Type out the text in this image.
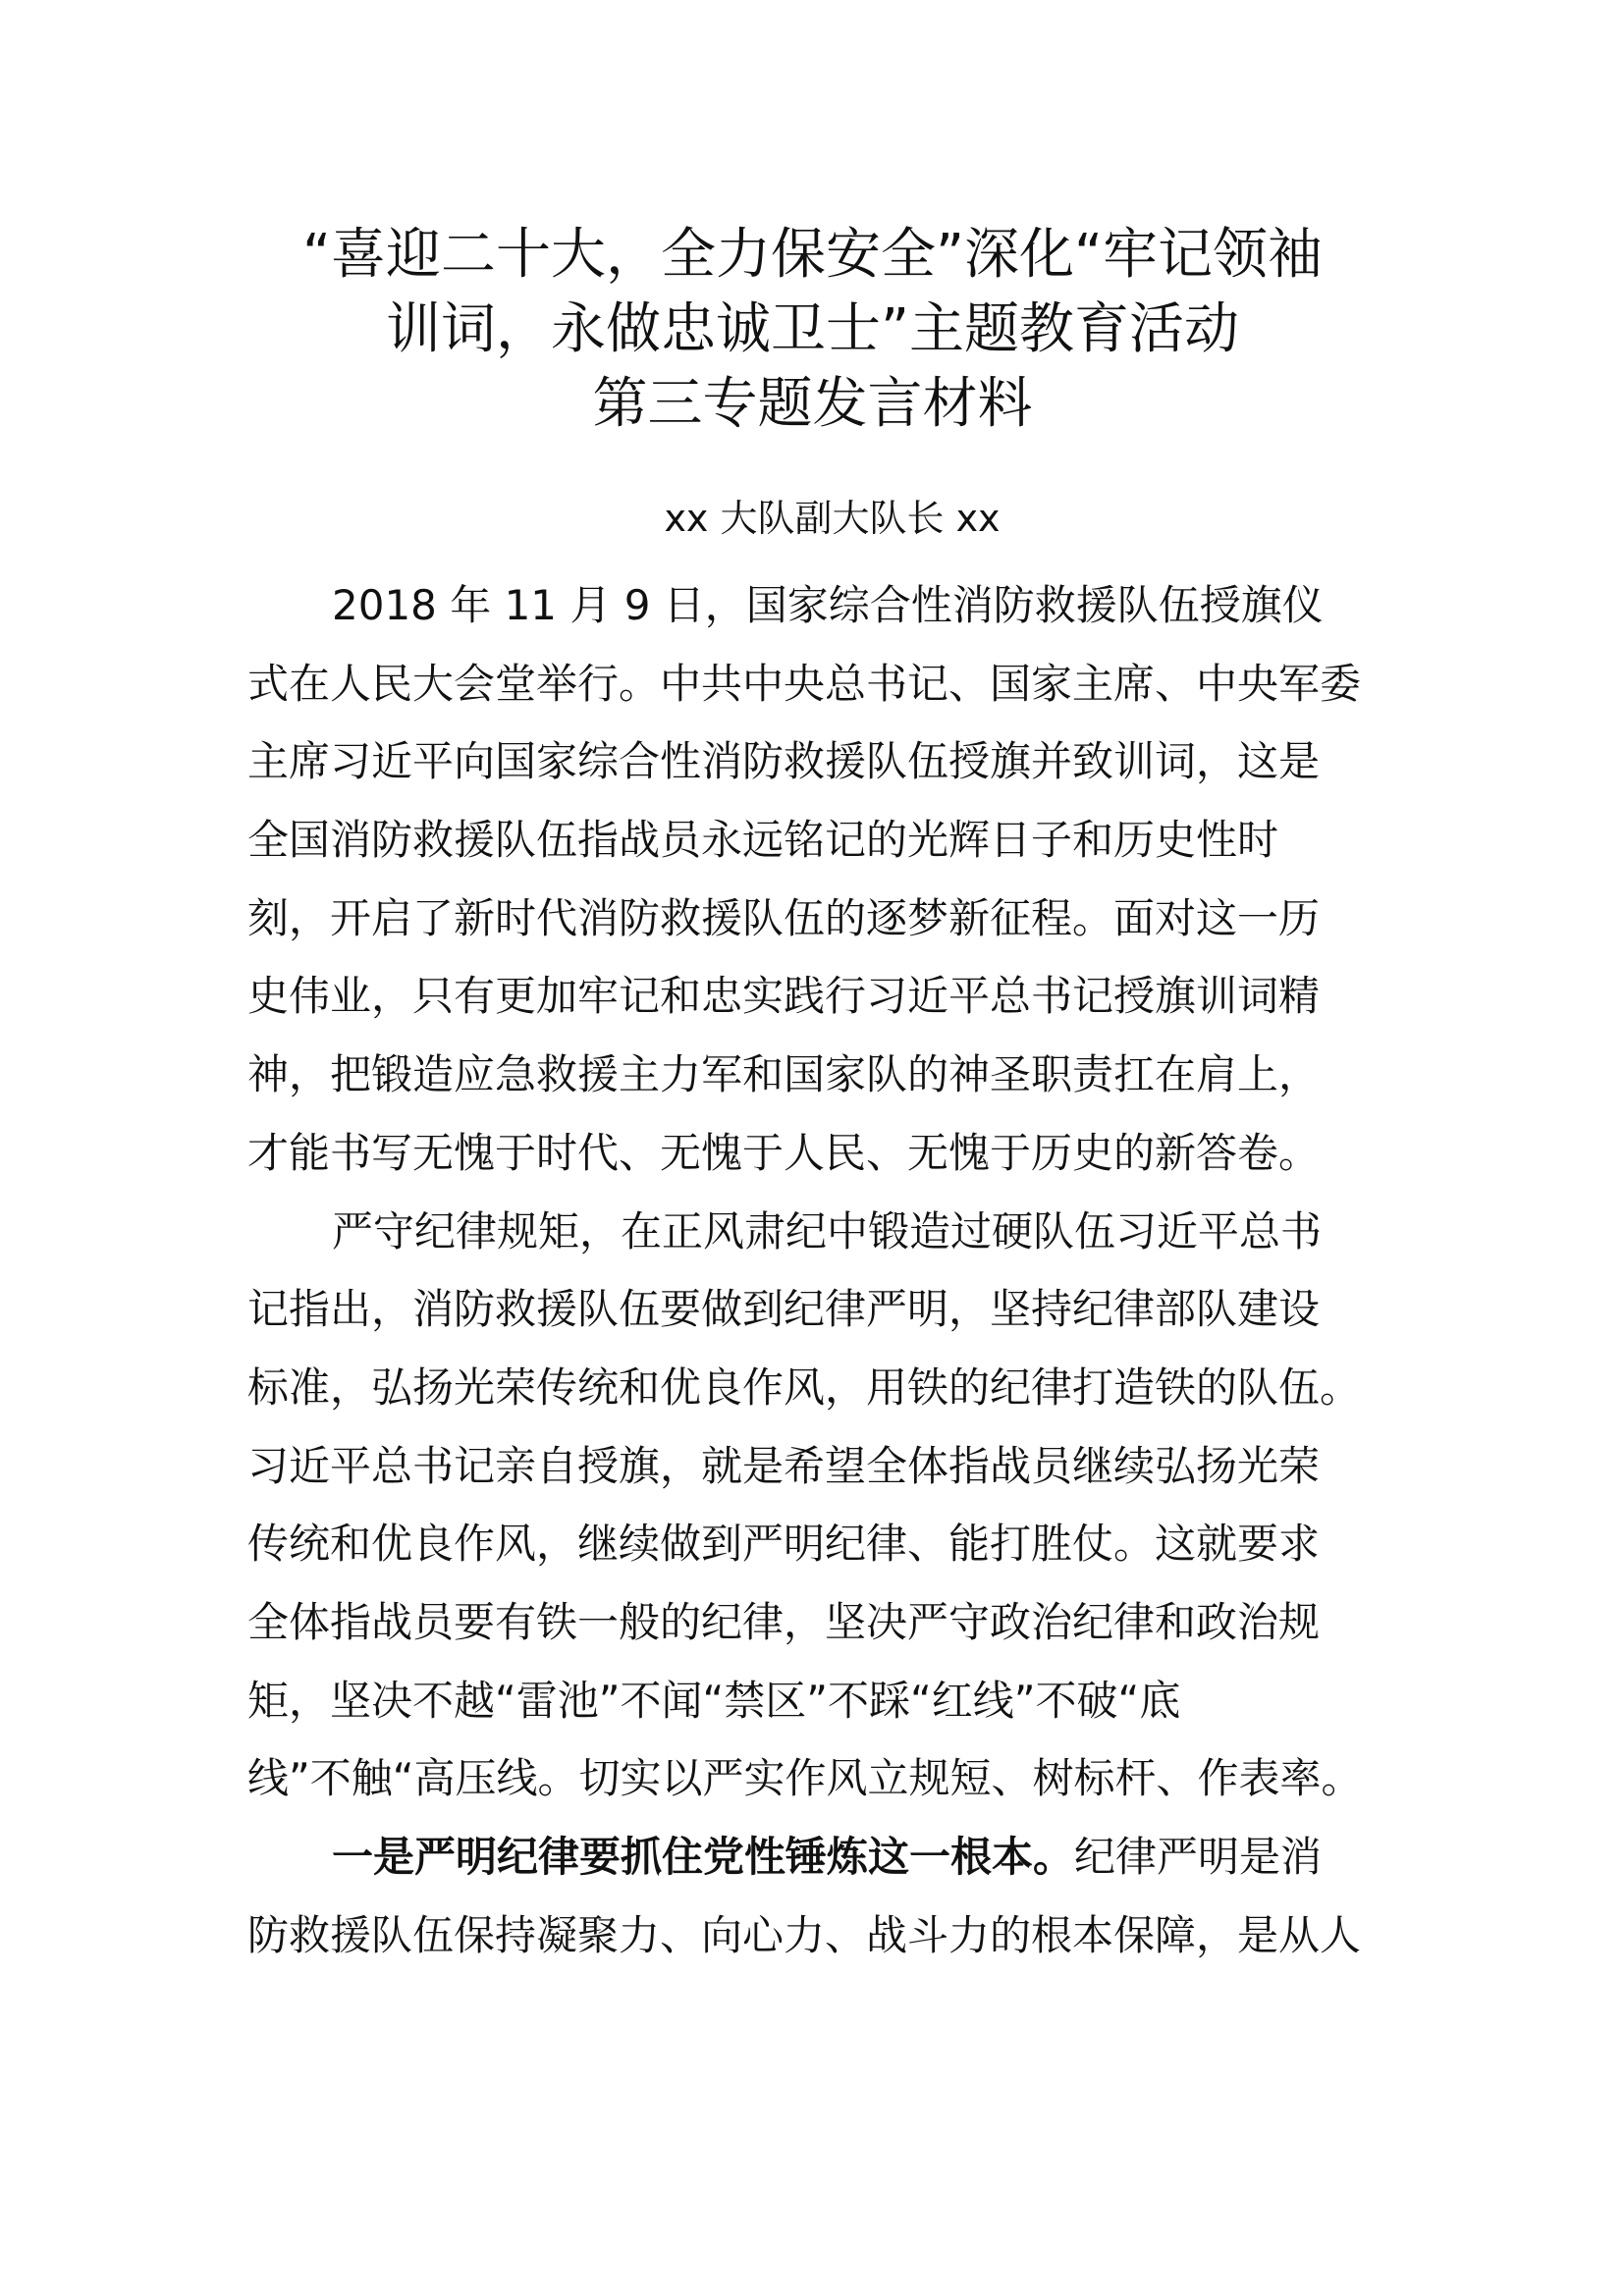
“喜迎二十大，全力保安全”深化“牢记领袖
训词，永做忠诚卫士”主题教育活动
第三专题发言材料
xx 大队副大队长 xx
2018 年 11 月 9 日，国家综合性消防救援队伍授旗仪
式在人民大会堂举行。中共中央总书记、国家主席、中央军委
主席习近平向国家综合性消防救援队伍授旗并致训词，这是
全国消防救援队伍指战员永远铭记的光辉日子和历史性时
刻，开启了新时代消防救援队伍的逐梦新征程。面对这一历
史伟业，只有更加牢记和忠实践行习近平总书记授旗训词精
神，把锻造应急救援主力军和国家队的神圣职责扛在肩上，
才能书写无愧于时代、无愧于人民、无愧于历史的新答卷。
严守纪律规矩，在正风肃纪中锻造过硬队伍习近平总书
记指出，消防救援队伍要做到纪律严明，坚持纪律部队建设
标准，弘扬光荣传统和优良作风，用铁的纪律打造铁的队伍。
习近平总书记亲自授旗，就是希望全体指战员继续弘扬光荣
传统和优良作风，继续做到严明纪律、能打胜仗。这就要求
全体指战员要有铁一般的纪律，坚决严守政治纪律和政治规
矩，坚决不越“雷池”不闻“禁区”不踩“红线”不破“底
线”不触“高压线。切实以严实作风立规短、树标杆、作表率。
一是严明纪律要抓住党性锤炼这一根本。纪律严明是消
防救援队伍保持凝聚力、向心力、战斗力的根本保障，是从人
